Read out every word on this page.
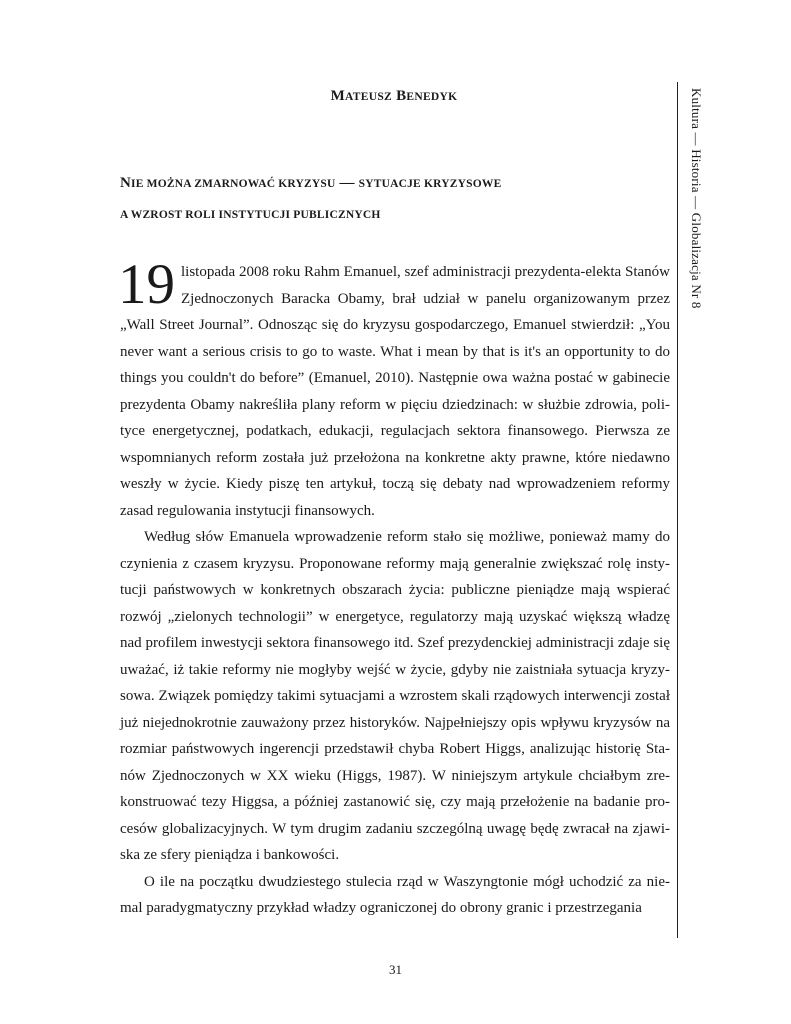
MATEUSZ BENEDYK
NIE MOŻNA ZMARNOWAĆ KRYZYSU — SYTUACJE KRYZYSOWE
A WZROST ROLI INSTYTUCJI PUBLICZNYCH	Kultura — Historia — Globalizacja Nr 8

19 listopada 2008 roku Rahm Emanuel, szef administracji prezydenta-elekta Stanów Zjednoczonych Baracka Obamy, brał udział w panelu organizowanym przez „Wall Street Journal”. Odnosząc się do kryzysu gospodarczego, Emanuel stwierdził: „You never want a serious crisis to go to waste. What i mean by that is it's an opportunity to do things you couldn't do before” (Emanuel, 2010). Następnie owa ważna postać w gabinecie prezydenta Obamy nakreśliła plany reform w pięciu dziedzinach: w służbie zdrowia, polityce energetycznej, podatkach, edukacji, regulacjach sektora finansowego. Pierwsza ze wspomnianych reform została już przełożona na konkretne akty prawne, które niedawno weszły w życie. Kiedy piszę ten artykuł, toczą się debaty nad wprowadzeniem reformy zasad regulowania instytucji finansowych.

Według słów Emanuela wprowadzenie reform stało się możliwe, ponieważ mamy do czynienia z czasem kryzysu. Proponowane reformy mają generalnie zwiększać rolę instytucji państwowych w konkretnych obszarach życia: publiczne pieniądze mają wspierać rozwój „zielonych technologii” w energetyce, regulatorzy mają uzyskać większą władzę nad profilem inwestycji sektora finansowego itd. Szef prezydenckiej administracji zdaje się uważać, iż takie reformy nie mogłyby wejść w życie, gdyby nie zaistniała sytuacja kryzysowa. Związek pomiędzy takimi sytuacjami a wzrostem skali rządowych interwencji został już niejednokrotnie zauważony przez historyków. Najpełniejszy opis wpływu kryzysów na rozmiar państwowych ingerencji przedstawił chyba Robert Higgs, analizując historię Stanów Zjednoczonych w XX wieku (Higgs, 1987). W niniejszym artykule chciałbym zrekonstruować tezy Higgsa, a później zastanowić się, czy mają przełożenie na badanie procesów globalizacyjnych. W tym drugim zadaniu szczególną uwagę będę zwracał na zjawiska ze sfery pieniądza i bankowości.

O ile na początku dwudziestego stulecia rząd w Waszyngtonie mógł uchodzić za niemal paradygmatyczny przykład władzy ograniczonej do obrony granic i przestrzegania

31
